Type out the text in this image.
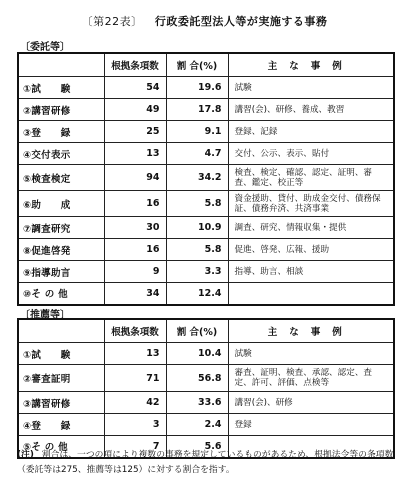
〔第22表〕 行政委託型法人等が実施する事務
〔委託等〕
	根拠条項数	割 合(%)	主な事例
①試　　験	54	19.6	試験
②講習研修	49	17.8	講習(会)、研修、養成、教習
③登　　録	25	9.1	登録、記録
④交付表示	13	4.7	交付、公示、表示、貼付
⑤検査検定	94	34.2	検査、検定、確認、認定、証明、審査、鑑定、校正等
⑥助　　成	16	5.8	資金援助、貸付、助成金交付、債務保証、債務弁済、共済事業
⑦調査研究	30	10.9	調査、研究、情報収集・提供
⑧促進啓発	16	5.8	促進、啓発、広報、援助
⑨指導助言	9	3.3	指導、助言、相談
⑩そ の 他	34	12.4	
〔推薦等〕
	根拠条項数	割 合(%)	主な事例
①試　　験	13	10.4	試験
②審査証明	71	56.8	審査、証明、検査、承認、認定、査定、許可、評価、点検等
③講習研修	42	33.6	講習(会)、研修
④登　　録	3	2.4	登録
⑤そ の 他	7	5.6	
(注) 割合は、一つの項により複数の事務を規定しているものがあるため、根拠法令等の条項数（委託等は275、推薦等は125）に対する割合を指す。
